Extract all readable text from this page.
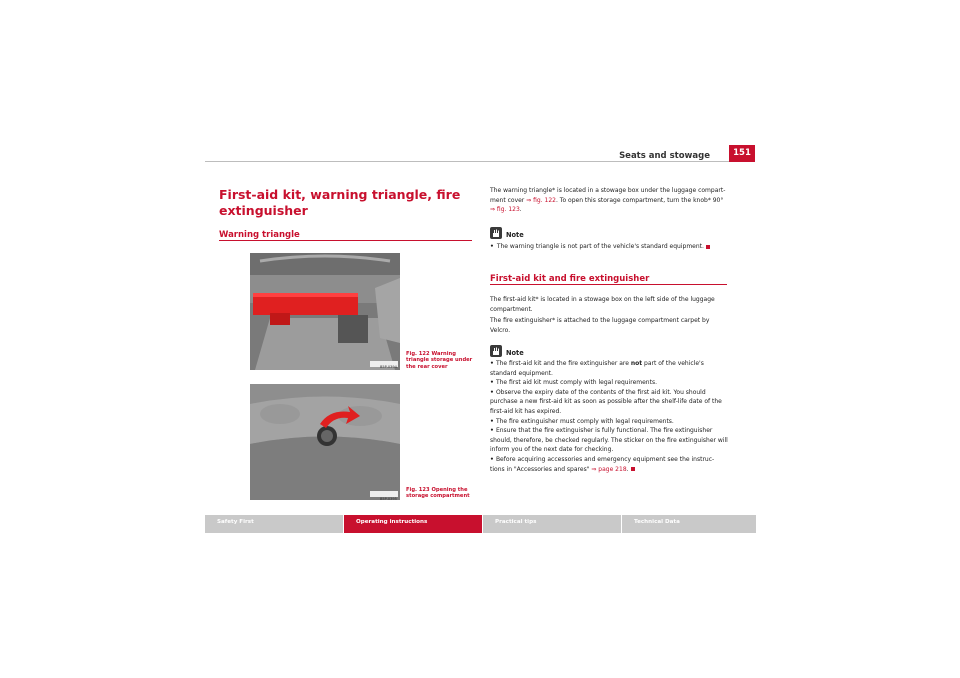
Seats and stowage	151
First-aid kit, warning triangle, fire extinguisher
Warning triangle
B5P-0394
Fig. 122 Warning triangle storage under the rear cover
B5P-0395
Fig. 123 Opening the storage compartment
The warning triangle* is located in a stowage box under the luggage compart-ment cover ⇒ fig. 122. To open this storage compartment, turn the knob* 90° ⇒ fig. 123.
Note
• The warning triangle is not part of the vehicle's standard equipment.
First-aid kit and fire extinguisher

The first-aid kit* is located in a stowage box on the left side of the luggage compartment.

The fire extinguisher* is attached to the luggage compartment carpet by Velcro.

Note
• The first-aid kit and the fire extinguisher are not part of the vehicle's standard equipment.
• The first aid kit must comply with legal requirements.
• Observe the expiry date of the contents of the first aid kit. You should purchase a new first-aid kit as soon as possible after the shelf-life date of the first-aid kit has expired.
• The fire extinguisher must comply with legal requirements.
• Ensure that the fire extinguisher is fully functional. The fire extinguisher should, therefore, be checked regularly. The sticker on the fire extinguisher will inform you of the next date for checking.
• Before acquiring accessories and emergency equipment see the instruc-tions in "Accessories and spares" ⇒ page 218.
Safety First	Operating instructions	Practical tips	Technical Data
